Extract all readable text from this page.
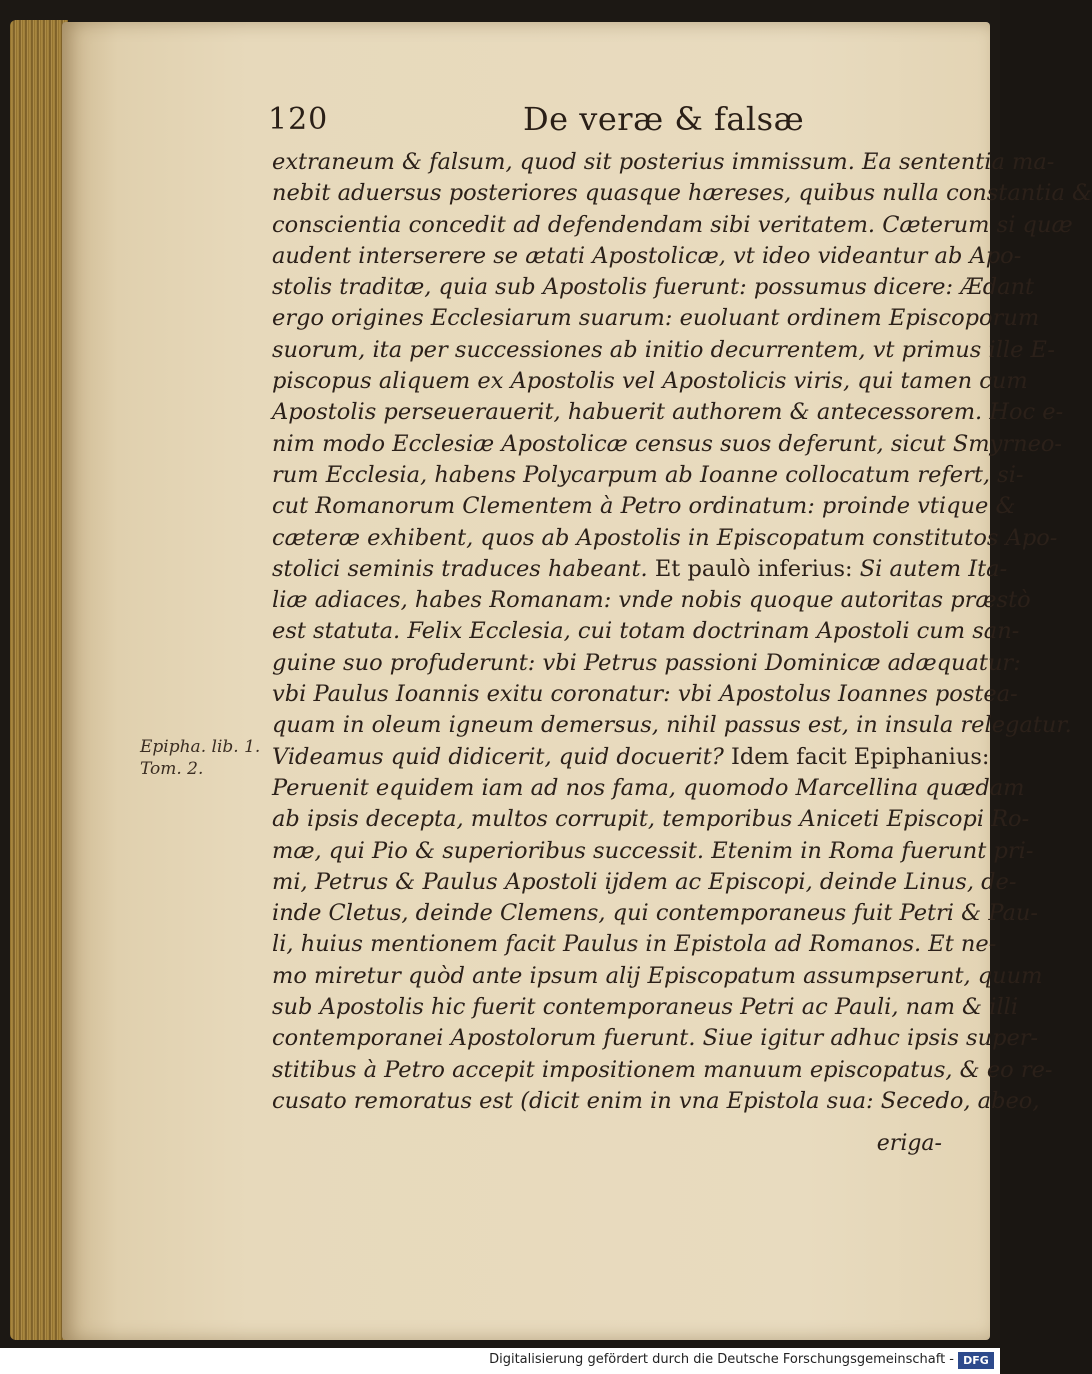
120	De veræ & falsæ
Epipha. lib. 1.
Tom. 2.
extraneum & falsum, quod sit posterius immissum. Ea sententia ma-
nebit aduersus posteriores quasque hæreses, quibus nulla constantia &
conscientia concedit ad defendendam sibi veritatem. Cæterum si quæ
audent interserere se ætati Apostolicæ, vt ideo videantur ab Apo-
stolis traditæ, quia sub Apostolis fuerunt: possumus dicere: Ædant
ergo origines Ecclesiarum suarum: euoluant ordinem Episcoporum
suorum, ita per successiones ab initio decurrentem, vt primus ille E-
piscopus aliquem ex Apostolis vel Apostolicis viris, qui tamen cum
Apostolis perseuerauerit, habuerit authorem & antecessorem. Hoc e-
nim modo Ecclesiæ Apostolicæ census suos deferunt, sicut Smyrneo-
rum Ecclesia, habens Polycarpum ab Ioanne collocatum refert, si-
cut Romanorum Clementem à Petro ordinatum: proinde vtique &
cæteræ exhibent, quos ab Apostolis in Episcopatum constitutos Apo-
stolici seminis traduces habeant. Et paulò inferius: Si autem Ita-
liæ adiaces, habes Romanam: vnde nobis quoque autoritas præstò
est statuta. Felix Ecclesia, cui totam doctrinam Apostoli cum san-
guine suo profuderunt: vbi Petrus passioni Dominicæ adæquatur:
vbi Paulus Ioannis exitu coronatur: vbi Apostolus Ioannes postea-
quam in oleum igneum demersus, nihil passus est, in insula relegatur.
Videamus quid didicerit, quid docuerit? Idem facit Epiphanius:
Peruenit equidem iam ad nos fama, quomodo Marcellina quædam
ab ipsis decepta, multos corrupit, temporibus Aniceti Episcopi Ro-
mæ, qui Pio & superioribus successit. Etenim in Roma fuerunt pri-
mi, Petrus & Paulus Apostoli ijdem ac Episcopi, deinde Linus, de-
inde Cletus, deinde Clemens, qui contemporaneus fuit Petri & Pau-
li, huius mentionem facit Paulus in Epistola ad Romanos. Et ne-
mo miretur quòd ante ipsum alij Episcopatum assumpserunt, quum
sub Apostolis hic fuerit contemporaneus Petri ac Pauli, nam & illi
contemporanei Apostolorum fuerunt. Siue igitur adhuc ipsis super-
stitibus à Petro accepit impositionem manuum episcopatus, & eo re-
cusato remoratus est (dicit enim in vna Epistola sua: Secedo, abeo,
eriga-
Digitalisierung gefördert durch die Deutsche Forschungsgemeinschaft - DFG
